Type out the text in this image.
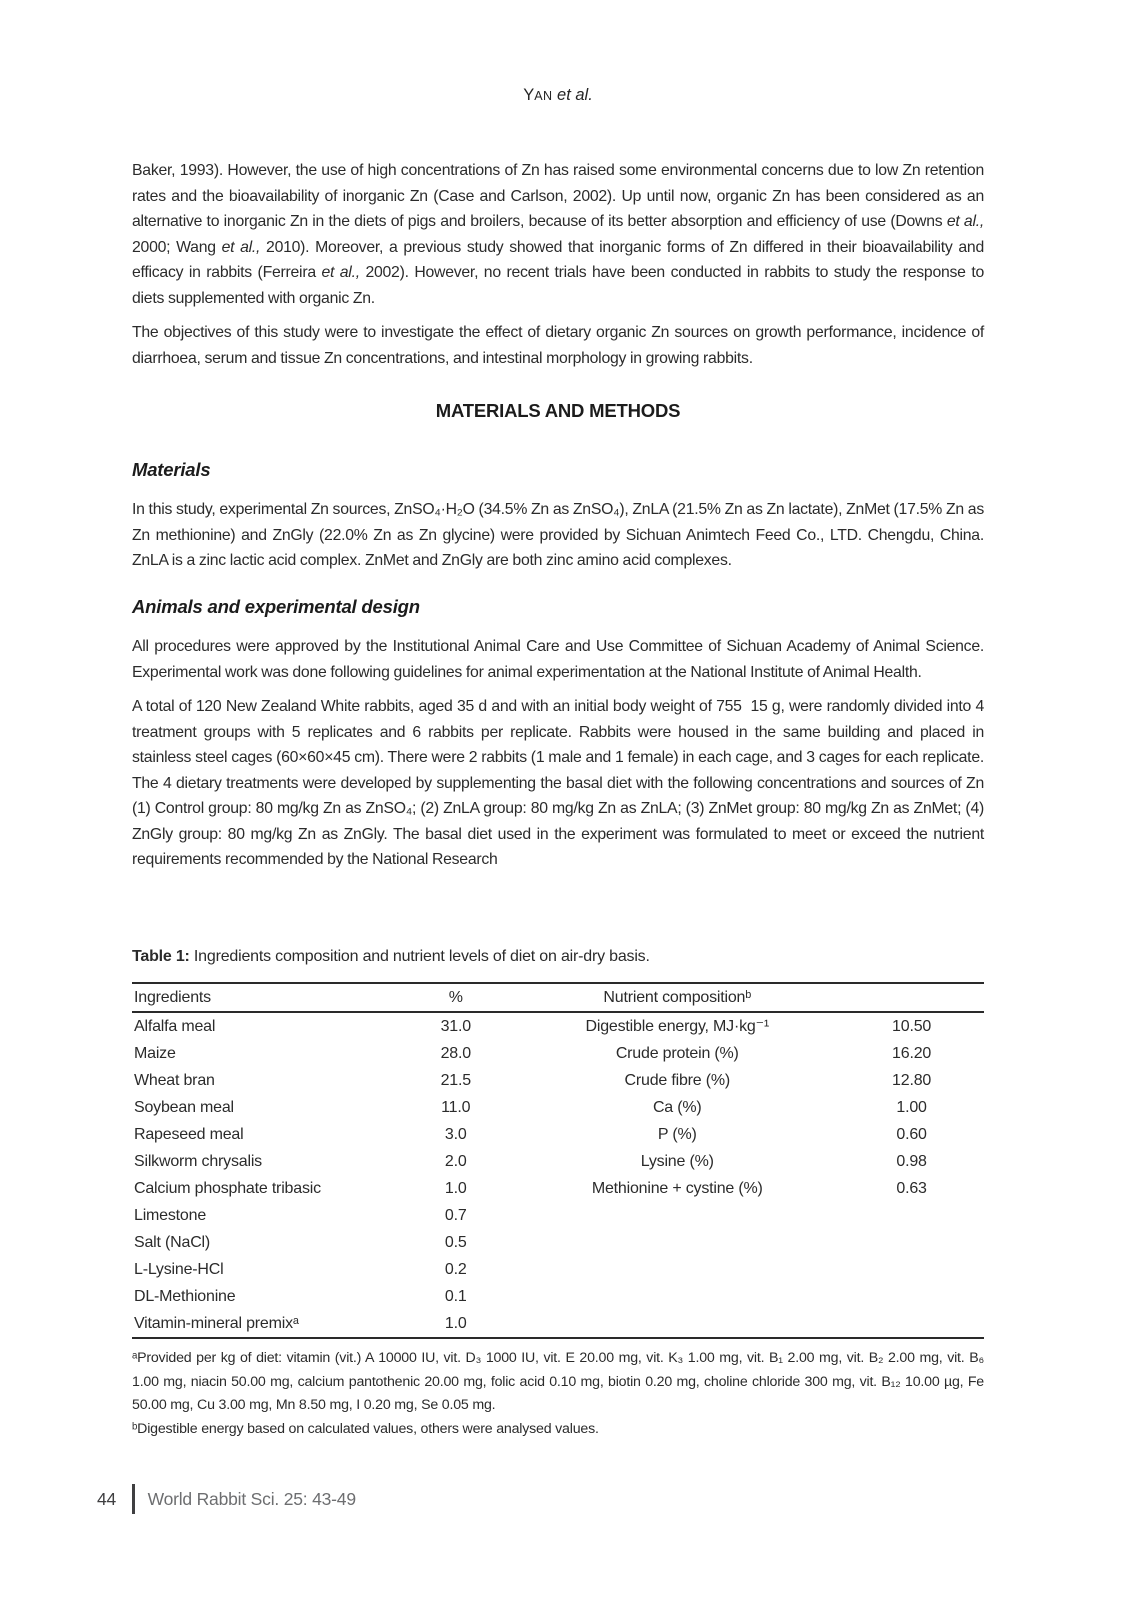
YAN et al.

Baker, 1993). However, the use of high concentrations of Zn has raised some environmental concerns due to low Zn retention rates and the bioavailability of inorganic Zn (Case and Carlson, 2002). Up until now, organic Zn has been considered as an alternative to inorganic Zn in the diets of pigs and broilers, because of its better absorption and efficiency of use (Downs et al., 2000; Wang et al., 2010). Moreover, a previous study showed that inorganic forms of Zn differed in their bioavailability and efficacy in rabbits (Ferreira et al., 2002). However, no recent trials have been conducted in rabbits to study the response to diets supplemented with organic Zn.

The objectives of this study were to investigate the effect of dietary organic Zn sources on growth performance, incidence of diarrhoea, serum and tissue Zn concentrations, and intestinal morphology in growing rabbits.

MATERIALS AND METHODS
Materials

In this study, experimental Zn sources, ZnSO₄·H₂O (34.5% Zn as ZnSO₄), ZnLA (21.5% Zn as Zn lactate), ZnMet (17.5% Zn as Zn methionine) and ZnGly (22.0% Zn as Zn glycine) were provided by Sichuan Animtech Feed Co., LTD. Chengdu, China. ZnLA is a zinc lactic acid complex. ZnMet and ZnGly are both zinc amino acid complexes.

Animals and experimental design

All procedures were approved by the Institutional Animal Care and Use Committee of Sichuan Academy of Animal Science. Experimental work was done following guidelines for animal experimentation at the National Institute of Animal Health.

A total of 120 New Zealand White rabbits, aged 35 d and with an initial body weight of 755  15 g, were randomly divided into 4 treatment groups with 5 replicates and 6 rabbits per replicate. Rabbits were housed in the same building and placed in stainless steel cages (60×60×45 cm). There were 2 rabbits (1 male and 1 female) in each cage, and 3 cages for each replicate. The 4 dietary treatments were developed by supplementing the basal diet with the following concentrations and sources of Zn (1) Control group: 80 mg/kg Zn as ZnSO₄; (2) ZnLA group: 80 mg/kg Zn as ZnLA; (3) ZnMet group: 80 mg/kg Zn as ZnMet; (4) ZnGly group: 80 mg/kg Zn as ZnGly. The basal diet used in the experiment was formulated to meet or exceed the nutrient requirements recommended by the National Research

Table 1: Ingredients composition and nutrient levels of diet on air-dry basis.

Ingredients	%	Nutrient compositionᵇ	
Alfalfa meal	31.0	Digestible energy, MJ·kg⁻¹	10.50
Maize	28.0	Crude protein (%)	16.20
Wheat bran	21.5	Crude fibre (%)	12.80
Soybean meal	11.0	Ca (%)	1.00
Rapeseed meal	3.0	P (%)	0.60
Silkworm chrysalis	2.0	Lysine (%)	0.98
Calcium phosphate tribasic	1.0	Methionine + cystine (%)	0.63
Limestone	0.7		
Salt (NaCl)	0.5		
L-Lysine-HCl	0.2		
DL-Methionine	0.1		
Vitamin-mineral premixᵃ	1.0		

ᵃProvided per kg of diet: vitamin (vit.) A 10000 IU, vit. D₃ 1000 IU, vit. E 20.00 mg, vit. K₃ 1.00 mg, vit. B₁ 2.00 mg, vit. B₂ 2.00 mg, vit. B₆ 1.00 mg, niacin 50.00 mg, calcium pantothenic 20.00 mg, folic acid 0.10 mg, biotin 0.20 mg, choline chloride 300 mg, vit. B₁₂ 10.00 µg, Fe 50.00 mg, Cu 3.00 mg, Mn 8.50 mg, I 0.20 mg, Se 0.05 mg.

ᵇDigestible energy based on calculated values, others were analysed values.

44 World Rabbit Sci. 25: 43-49
